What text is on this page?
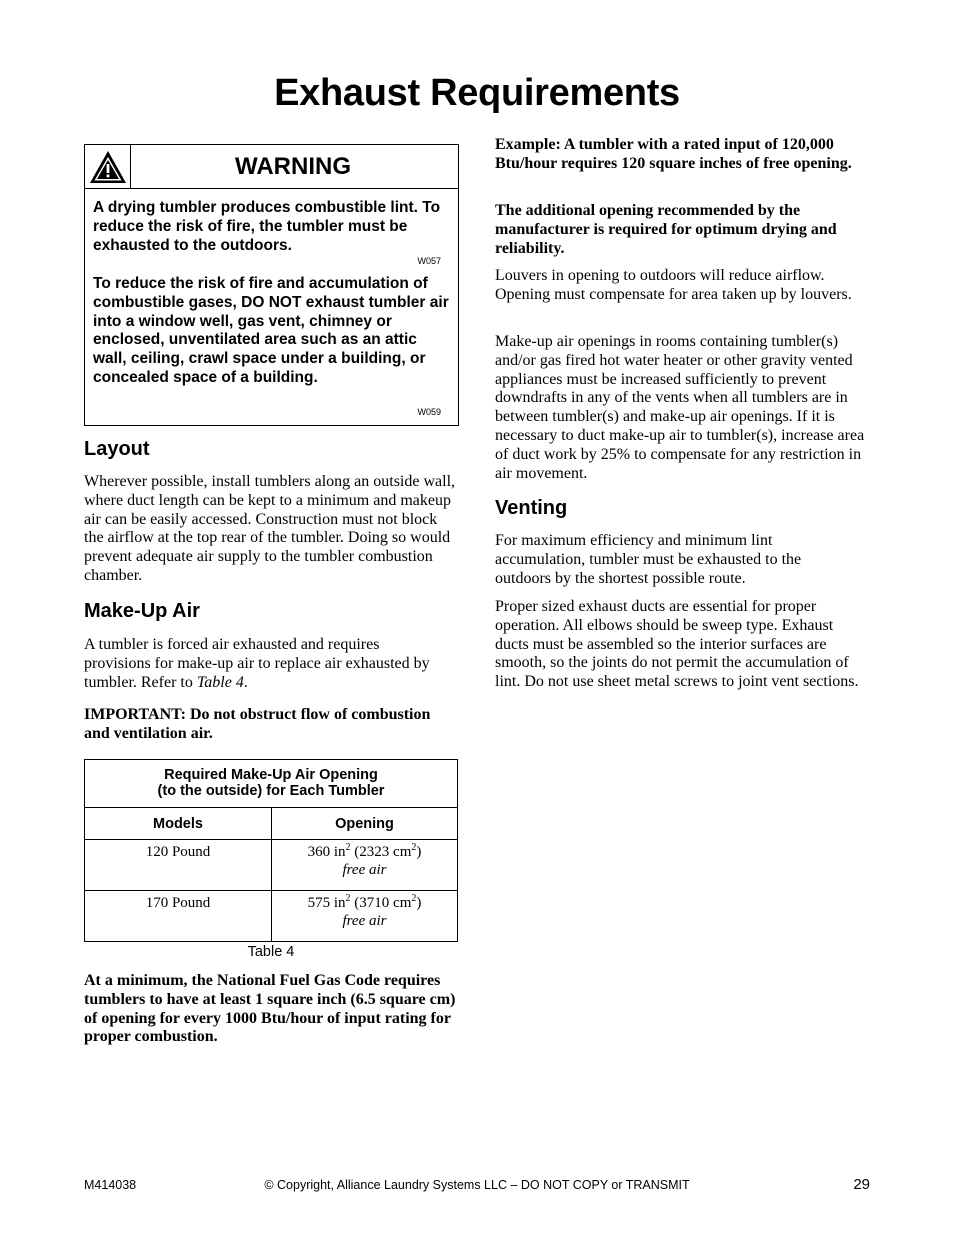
Exhaust Requirements
WARNING
A drying tumbler produces combustible lint. To reduce the risk of fire, the tumbler must be exhausted to the outdoors.
W057
To reduce the risk of fire and accumulation of combustible gases, DO NOT exhaust tumbler air into a window well, gas vent, chimney or enclosed, unventilated area such as an attic wall, ceiling, crawl space under a building, or concealed space of a building.
W059
Layout

Wherever possible, install tumblers along an outside wall, where duct length can be kept to a minimum and makeup air can be easily accessed. Construction must not block the airflow at the top rear of the tumbler. Doing so would prevent adequate air supply to the tumbler combustion chamber.

Make-Up Air

A tumbler is forced air exhausted and requires provisions for make-up air to replace air exhausted by tumbler. Refer to Table 4.

IMPORTANT: Do not obstruct flow of combustion and ventilation air.

Required Make-Up Air Opening
(to the outside) for Each Tumbler	

Models	Opening
120 Pound	360 $in^2$ (2323 $cm^2$)
free air

170 Pound	575 $in^2$ (3710 $cm^2$)
free air
Table 4

At a minimum, the National Fuel Gas Code requires tumblers to have at least 1 square inch (6.5 square cm) of opening for every 1000 Btu/hour of input rating for proper combustion.

Example: A tumbler with a rated input of 120,000 Btu/hour requires 120 square inches of free opening.

The additional opening recommended by the manufacturer is required for optimum drying and reliability.

Louvers in opening to outdoors will reduce airflow. Opening must compensate for area taken up by louvers.

Make-up air openings in rooms containing tumbler(s) and/or gas fired hot water heater or other gravity vented appliances must be increased sufficiently to prevent downdrafts in any of the vents when all tumblers are in between tumbler(s) and make-up air openings. If it is necessary to duct make-up air to tumbler(s), increase area of duct work by 25% to compensate for any restriction in air movement.

Venting

For maximum efficiency and minimum lint accumulation, tumbler must be exhausted to the outdoors by the shortest possible route.

Proper sized exhaust ducts are essential for proper operation. All elbows should be sweep type. Exhaust ducts must be assembled so the interior surfaces are smooth, so the joints do not permit the accumulation of lint. Do not use sheet metal screws to joint vent sections.

M414038	© Copyright, Alliance Laundry Systems LLC – DO NOT COPY or TRANSMIT	29
